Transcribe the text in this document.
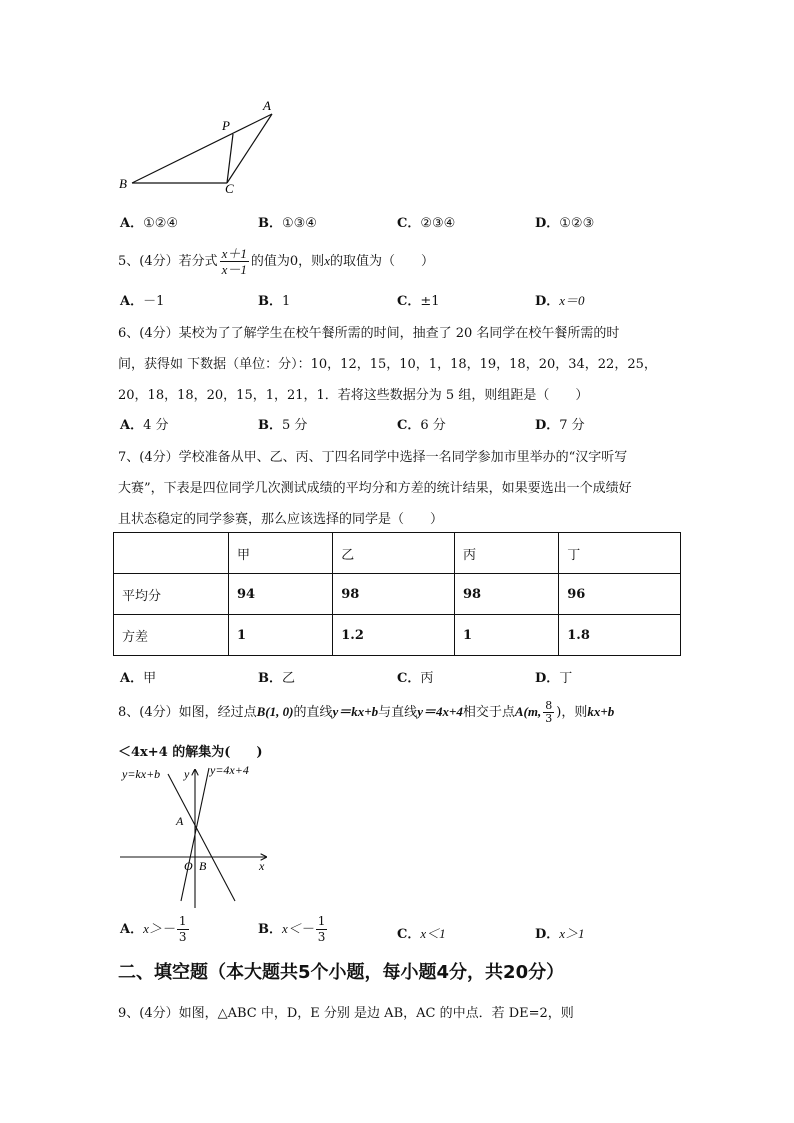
A
P
B	C
A．①②④	B．①③④	C．②③④	D．①②③
5、(4分）若分式 $\frac{x+1}{x-1}$ 的值为0，则x的取值为（　　）
A．－1	B．1	C．±1	D．x＝0
6、(4分）某校为了了解学生在校午餐所需的时间，抽查了 20 名同学在校午餐所需的时
间，获得如 下数据（单位：分）：10，12，15，10，1，18，19，18，20，34，22，25，
20，18，18，20，15，1，21，1．若将这些数据分为 5 组，则组距是（　　）
A．4 分	B．5 分	C．6 分	D．7 分
7、(4分）学校准备从甲、乙、丙、丁四名同学中选择一名同学参加市里举办的“汉字听写
大赛”，下表是四位同学几次测试成绩的平均分和方差的统计结果，如果要选出一个成绩好
且状态稳定的同学参赛，那么应该选择的同学是（　　）
	甲	乙	丙	丁
平均分	94	98	98	96
方差	1	1.2	1	1.8
A．甲	B．乙	C．丙	D．丁
8、(4分）如图，经过点B(1, 0)的直线y＝kx+b与直线y＝4x+4相交于点A(m, $\frac{8}{3}$ )，则kx+b
＜4x+4 的解集为(　　)
y=kx+b y y=4x+4
A
O B	x
A．$x>- \frac{1}{3}$	B．$x<- \frac{1}{3}$	C．x＜1	D．x＞1
二、填空题（本大题共5个小题，每小题4分，共20分）
9、(4分）如图，△ABC 中，D，E 分别 是边 AB，AC 的中点．若 DE=2，则
